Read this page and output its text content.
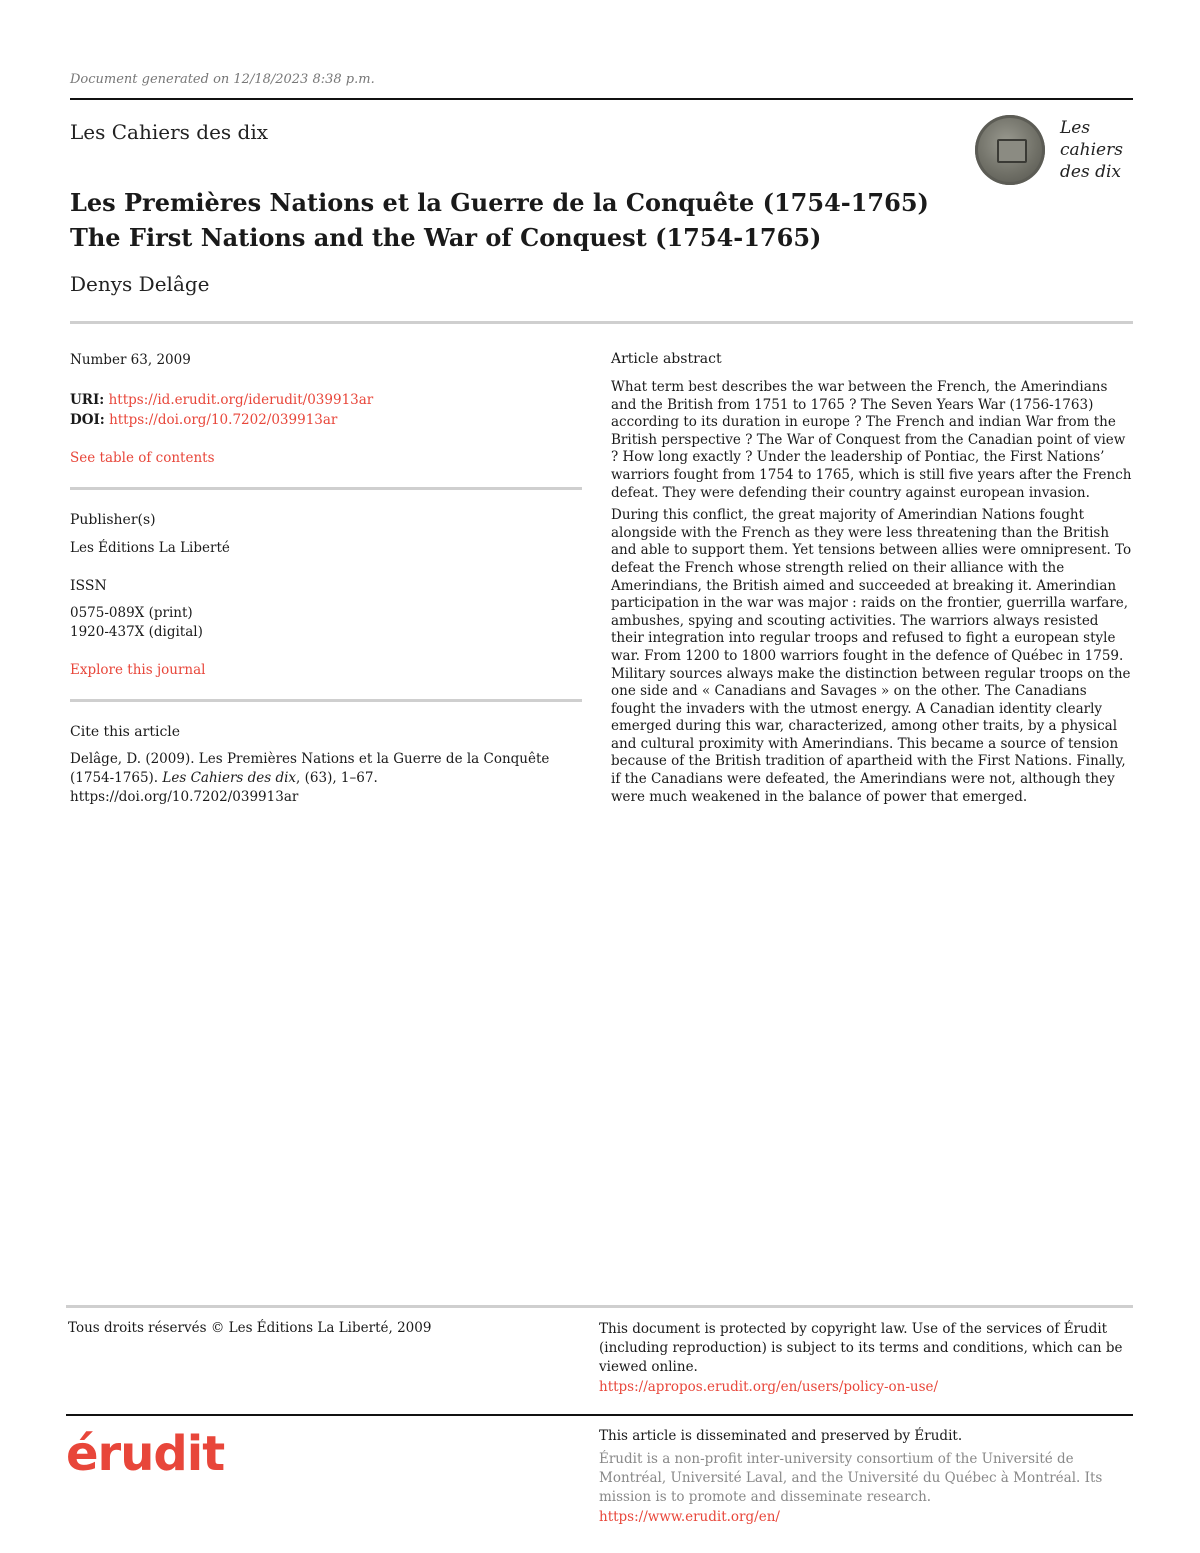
Document generated on 12/18/2023 8:38 p.m.
Les Cahiers des dix	Les
cahiers
des dix
Les Premières Nations et la Guerre de la Conquête (1754-1765)
The First Nations and the War of Conquest (1754-1765)
Denys Delâge
Number 63, 2009
URI: https://id.erudit.org/iderudit/039913ar
DOI: https://doi.org/10.7202/039913ar
See table of contents
Publisher(s)
Les Éditions La Liberté
ISSN
0575-089X (print)
1920-437X (digital)
Explore this journal
Cite this article
Delâge, D. (2009). Les Premières Nations et la Guerre de la Conquête (1754-1765). Les Cahiers des dix, (63), 1–67. https://doi.org/10.7202/039913ar
Article abstract

What term best describes the war between the French, the Amerindians and the British from 1751 to 1765 ? The Seven Years War (1756-1763) according to its duration in europe ? The French and indian War from the British perspective ? The War of Conquest from the Canadian point of view ? How long exactly ? Under the leadership of Pontiac, the First Nations’ warriors fought from 1754 to 1765, which is still five years after the French defeat. They were defending their country against european invasion.

During this conflict, the great majority of Amerindian Nations fought alongside with the French as they were less threatening than the British and able to support them. Yet tensions between allies were omnipresent. To defeat the French whose strength relied on their alliance with the Amerindians, the British aimed and succeeded at breaking it. Amerindian participation in the war was major : raids on the frontier, guerrilla warfare, ambushes, spying and scouting activities. The warriors always resisted their integration into regular troops and refused to fight a european style war. From 1200 to 1800 warriors fought in the defence of Québec in 1759. Military sources always make the distinction between regular troops on the one side and « Canadians and Savages » on the other. The Canadians fought the invaders with the utmost energy. A Canadian identity clearly emerged during this war, characterized, among other traits, by a physical and cultural proximity with Amerindians. This became a source of tension because of the British tradition of apartheid with the First Nations. Finally, if the Canadians were defeated, the Amerindians were not, although they were much weakened in the balance of power that emerged.

Tous droits réservés © Les Éditions La Liberté, 2009	This document is protected by copyright law. Use of the services of Érudit (including reproduction) is subject to its terms and conditions, which can be viewed online.
https://apropos.erudit.org/en/users/policy-on-use/
érudit	This article is disseminated and preserved by Érudit.
Érudit is a non-profit inter-university consortium of the Université de Montréal, Université Laval, and the Université du Québec à Montréal. Its mission is to promote and disseminate research.
https://www.erudit.org/en/
